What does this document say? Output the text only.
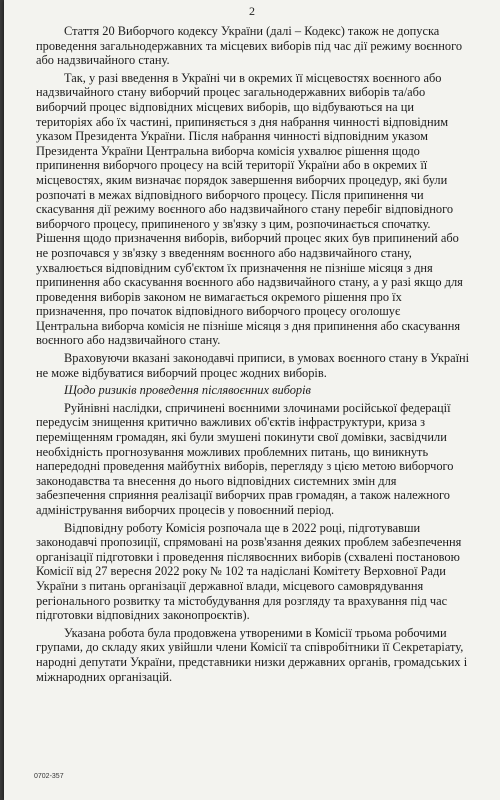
2
Стаття 20 Виборчого кодексу України (далі – Кодекс) також не допуска
проведення загальнодержавних та місцевих виборів під час дії режиму воєнного
або надзвичайного стану.
Так, у разі введення в Україні чи в окремих її місцевостях воєнного або
надзвичайного стану виборчий процес загальнодержавних виборів та/або
виборчий процес відповідних місцевих виборів, що відбуваються на ци
територіях або їх частині, припиняється з дня набрання чинності відповідним
указом Президента України. Після набрання чинності відповідним указом
Президента України Центральна виборча комісія ухвалює рішення щодо
припинення виборчого процесу на всій території України або в окремих її
місцевостях, яким визначає порядок завершення виборчих процедур, які були
розпочаті в межах відповідного виборчого процесу. Після припинення чи
скасування дії режиму воєнного або надзвичайного стану перебіг відповідного
виборчого процесу, припиненого у зв'язку з цим, розпочинається спочатку.
Рішення щодо призначення виборів, виборчий процес яких був припинений або
не розпочався у зв'язку з введенням воєнного або надзвичайного стану,
ухвалюється відповідним суб'єктом їх призначення не пізніше місяця з дня
припинення або скасування воєнного або надзвичайного стану, а у разі якщо для
проведення виборів законом не вимагається окремого рішення про їх
призначення, про початок відповідного виборчого процесу оголошує
Центральна виборча комісія не пізніше місяця з дня припинення або скасування
воєнного або надзвичайного стану.
Враховуючи вказані законодавчі приписи, в умовах воєнного стану в Україні
не може відбуватися виборчий процес жодних виборів.
Щодо ризиків проведення післявоєнних виборів
Руйнівні наслідки, спричинені воєнними злочинами російської федерації
передусім знищення критично важливих об'єктів інфраструктури, криза з
переміщенням громадян, які були змушені покинути свої домівки, засвідчили
необхідність прогнозування можливих проблемних питань, що виникнуть
напередодні проведення майбутніх виборів, перегляду з цією метою виборчого
законодавства та внесення до нього відповідних системних змін для
забезпечення сприяння реалізації виборчих прав громадян, а також належного
адміністрування виборчих процесів у повоєнний період.
Відповідну роботу Комісія розпочала ще в 2022 році, підготувавши
законодавчі пропозиції, спрямовані на розв'язання деяких проблем забезпечення
організації підготовки і проведення післявоєнних виборів (схвалені постановою
Комісії від 27 вересня 2022 року № 102 та надіслані Комітету Верховної Ради
України з питань організації державної влади, місцевого самоврядування
регіонального розвитку та містобудування для розгляду та врахування під час
підготовки відповідних законопроєктів).
Указана робота була продовжена утвореними в Комісії трьома робочими
групами, до складу яких увійшли члени Комісії та співробітники її Секретаріату,
народні депутати України, представники низки державних органів, громадських і
міжнародних організацій.
0702-357
